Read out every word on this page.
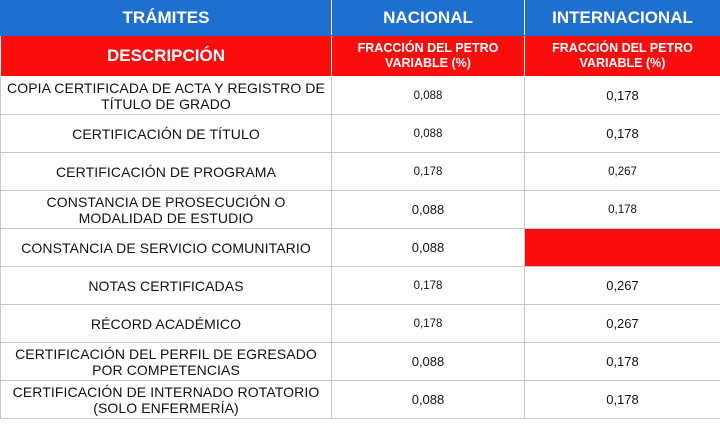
TRÁMITES	NACIONAL	INTERNACIONAL
DESCRIPCIÓN	FRACCIÓN DEL PETRO VARIABLE (%)	FRACCIÓN DEL PETRO VARIABLE (%)
COPIA CERTIFICADA DE ACTA Y REGISTRO DE TÍTULO DE GRADO	0,088	0,178
CERTIFICACIÓN DE TÍTULO	0,088	0,178
CERTIFICACIÓN DE PROGRAMA	0,178	0,267
CONSTANCIA DE PROSECUCIÓN O MODALIDAD DE ESTUDIO	0,088	0,178
CONSTANCIA DE SERVICIO COMUNITARIO	0,088	
NOTAS CERTIFICADAS	0,178	0,267
RÉCORD ACADÉMICO	0,178	0,267
CERTIFICACIÓN DEL PERFIL DE EGRESADO POR COMPETENCIAS	0,088	0,178
CERTIFICACIÓN DE INTERNADO ROTATORIO (SOLO ENFERMERÍA)	0,088	0,178
